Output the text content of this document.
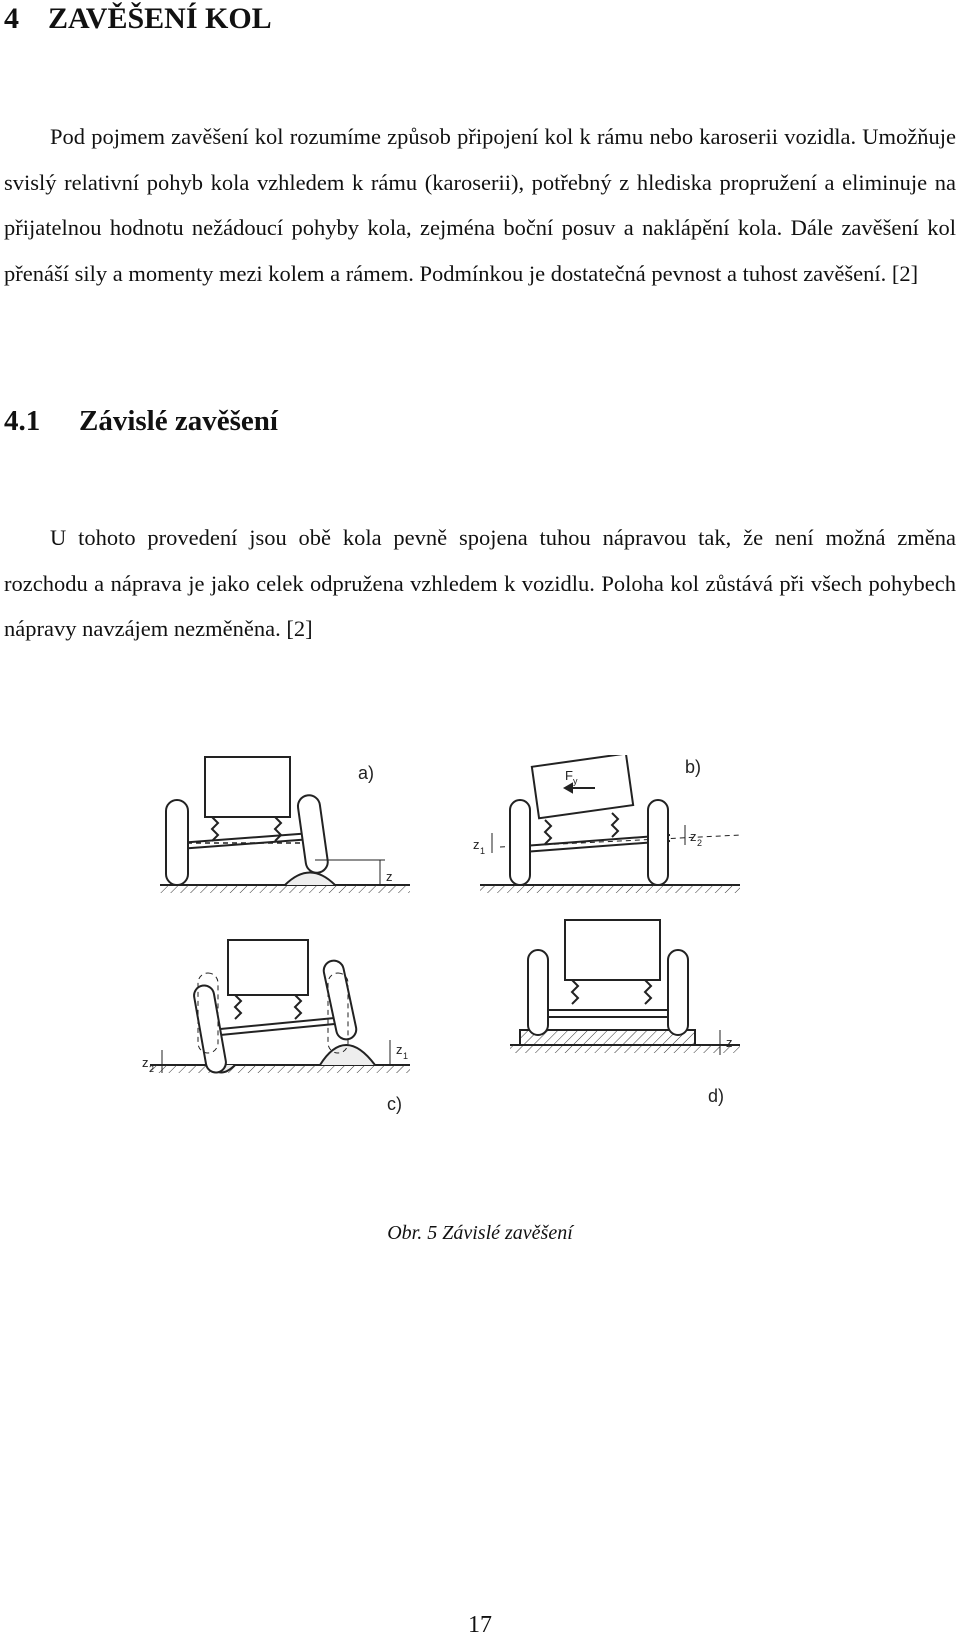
4 ZAVĚŠENÍ KOL

Pod pojmem zavěšení kol rozumíme způsob připojení kol k rámu nebo karoserii vozidla. Umožňuje svislý relativní pohyb kola vzhledem k rámu (karoserii), potřebný z hlediska propružení a eliminuje na přijatelnou hodnotu nežádoucí pohyby kola, zejména boční posuv a naklápění kola. Dále zavěšení kol přenáší sily a momenty mezi kolem a rámem. Podmínkou je dostatečná pevnost a tuhost zavěšení. [2]

4.1 Závislé zavěšení

U tohoto provedení jsou obě kola pevně spojena tuhou nápravou tak, že není možná změna rozchodu a náprava je jako celek odpružena vzhledem k vozidlu. Poloha kol zůstává při všech pohybech nápravy navzájem nezměněna. [2]

a)	b)
c)	d)
z
z 1
z 2
F y
z 2
z 1
z
Obr. 5 Závislé zavěšení
17
